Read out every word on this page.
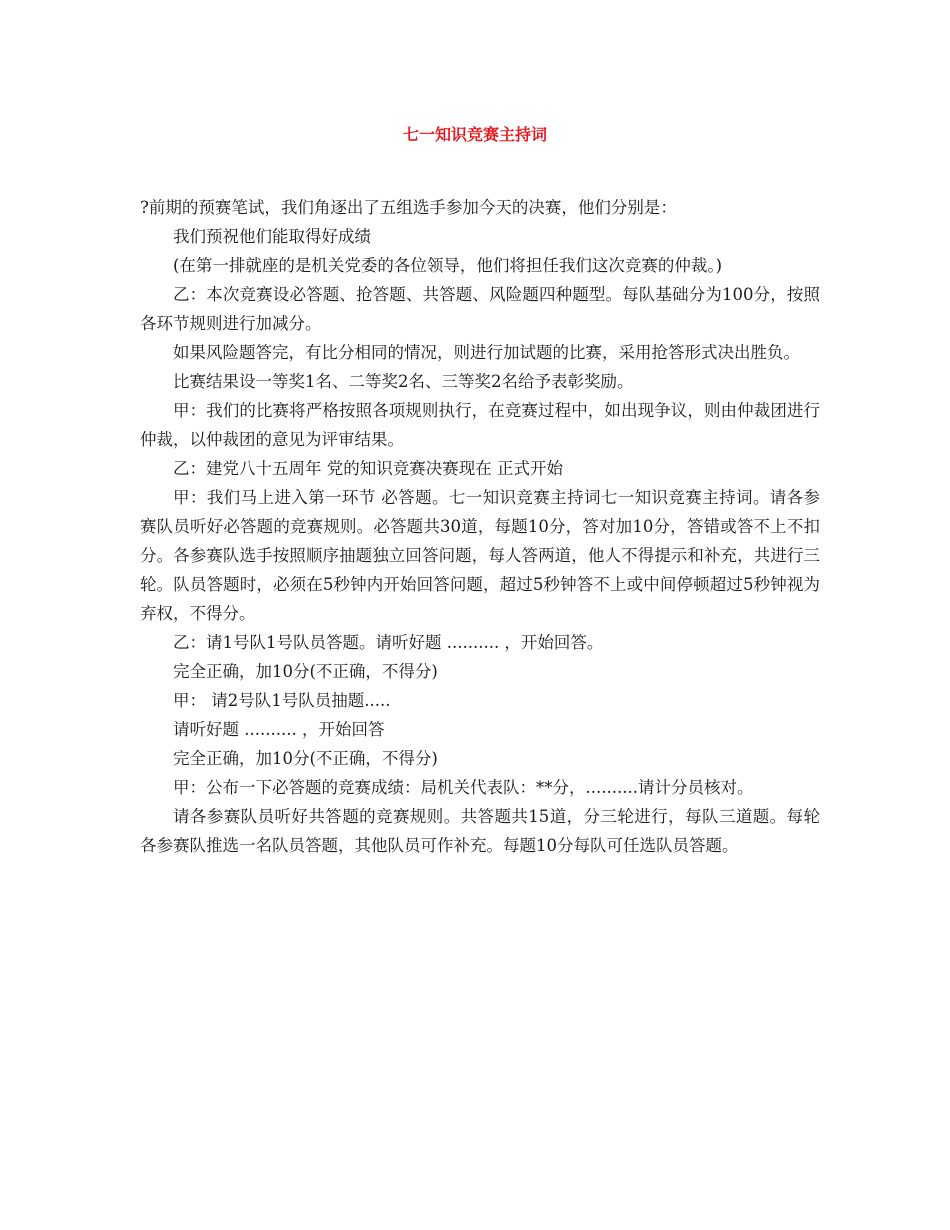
七一知识竞赛主持词

?前期的预赛笔试，我们角逐出了五组选手参加今天的决赛，他们分别是：

我们预祝他们能取得好成绩

(在第一排就座的是机关党委的各位领导，他们将担任我们这次竞赛的仲裁。)

乙：本次竞赛设必答题、抢答题、共答题、风险题四种题型。每队基础分为100分，按照各环节规则进行加减分。

如果风险题答完，有比分相同的情况，则进行加试题的比赛，采用抢答形式决出胜负。

比赛结果设一等奖1名、二等奖2名、三等奖2名给予表彰奖励。

甲：我们的比赛将严格按照各项规则执行，在竞赛过程中，如出现争议，则由仲裁团进行仲裁，以仲裁团的意见为评审结果。

乙：建党八十五周年 党的知识竞赛决赛现在 正式开始

甲：我们马上进入第一环节 必答题。七一知识竞赛主持词七一知识竞赛主持词。请各参赛队员听好必答题的竞赛规则。必答题共30道，每题10分，答对加10分，答错或答不上不扣分。各参赛队选手按照顺序抽题独立回答问题，每人答两道，他人不得提示和补充，共进行三轮。队员答题时，必须在5秒钟内开始回答问题，超过5秒钟答不上或中间停顿超过5秒钟视为弃权，不得分。

乙：请1号队1号队员答题。请听好题 .......... ，开始回答。

完全正确，加10分(不正确，不得分)

甲： 请2号队1号队员抽题.....

请听好题 .......... ，开始回答

完全正确，加10分(不正确，不得分)

甲：公布一下必答题的竞赛成绩：局机关代表队：**分，..........请计分员核对。

请各参赛队员听好共答题的竞赛规则。共答题共15道，分三轮进行，每队三道题。每轮各参赛队推选一名队员答题，其他队员可作补充。每题10分每队可任选队员答题。
